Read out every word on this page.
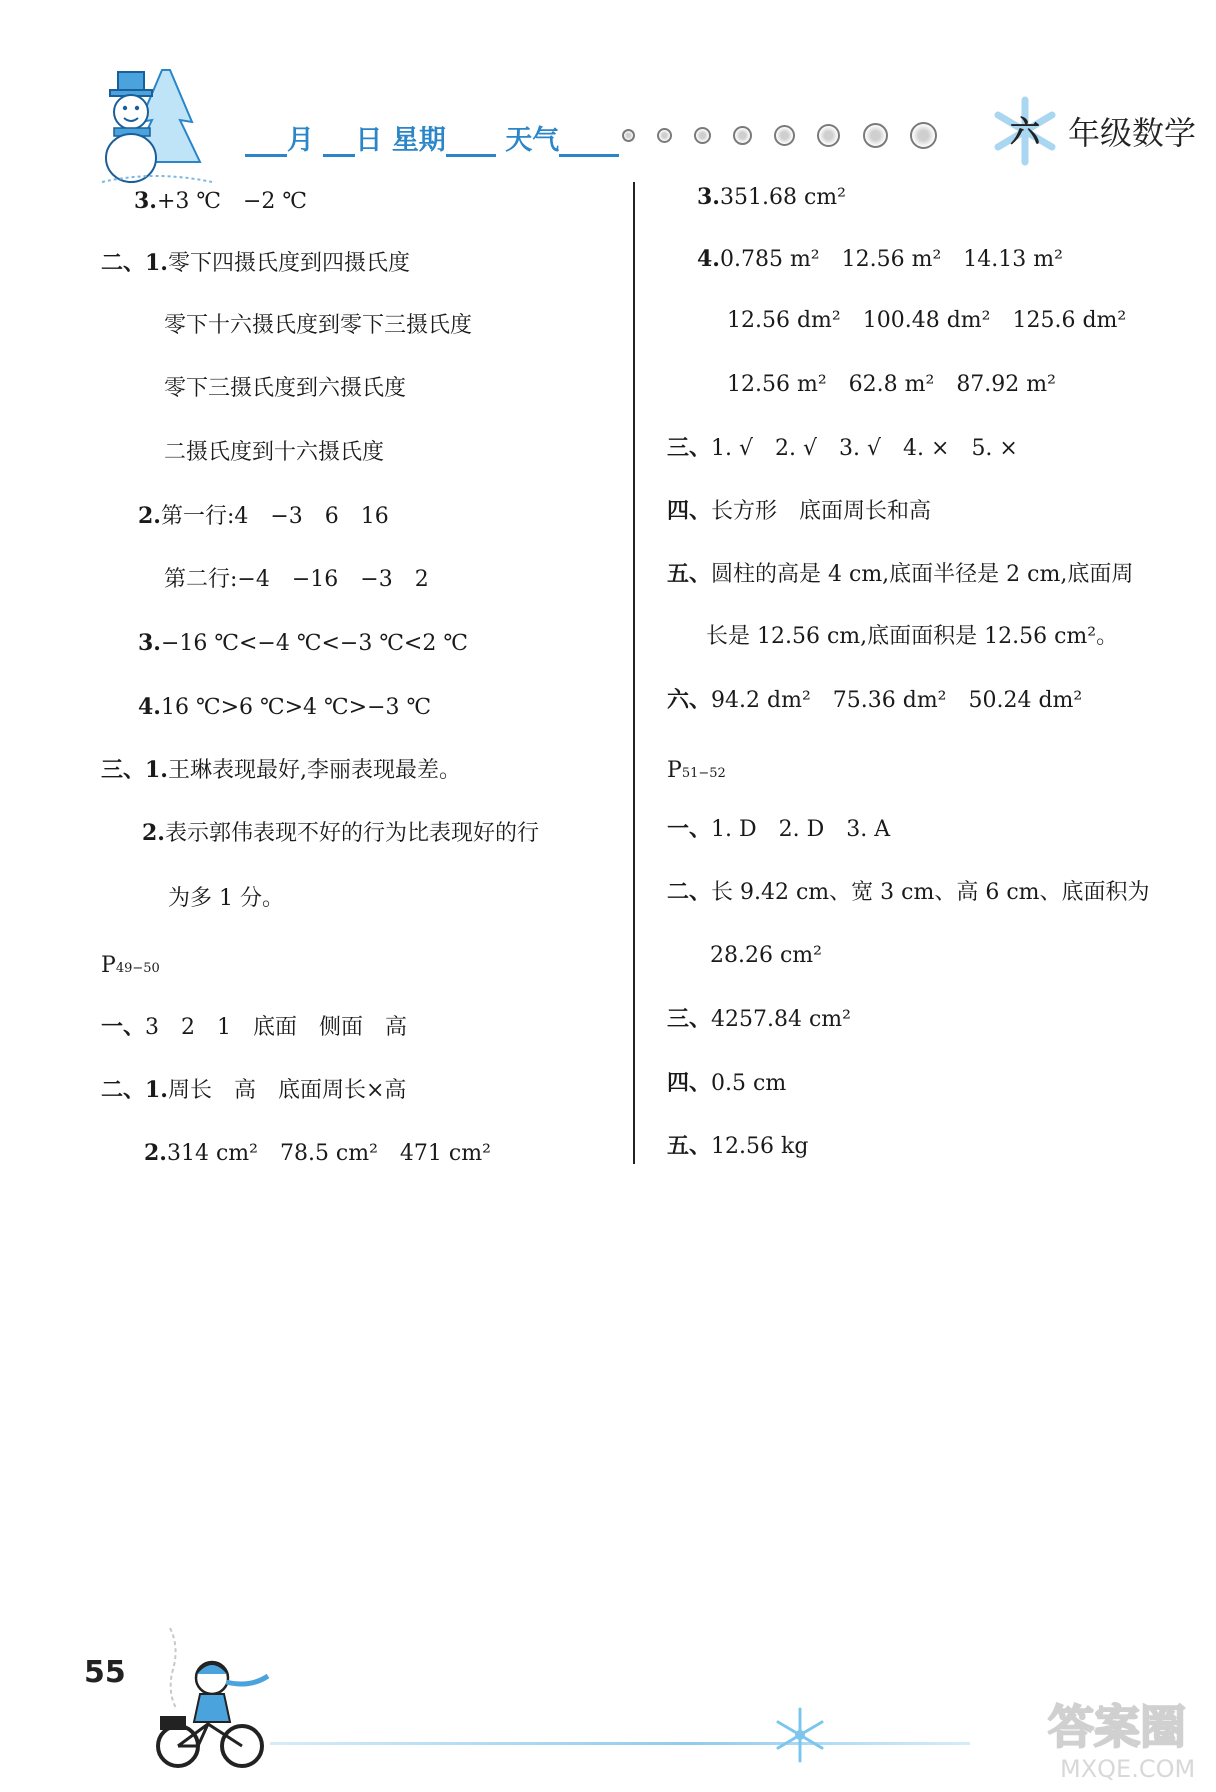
月 日 星期 天气
	六 年级数学
3.+3 ℃　−2 ℃
二、1.零下四摄氏度到四摄氏度
零下十六摄氏度到零下三摄氏度
零下三摄氏度到六摄氏度
二摄氏度到十六摄氏度
2.第一行:4　−3　6　16
第二行:−4　−16　−3　2
3.−16 ℃<−4 ℃<−3 ℃<2 ℃
4.16 ℃>6 ℃>4 ℃>−3 ℃
三、1.王琳表现最好,李丽表现最差。
2.表示郭伟表现不好的行为比表现好的行
为多 1 分。
P49−50
一、3　2　1　底面　侧面　高
二、1.周长　高　底面周长×高
2.314 cm²　78.5 cm²　471 cm²
3.351.68 cm²
4.0.785 m²　12.56 m²　14.13 m²
12.56 dm²　100.48 dm²　125.6 dm²
12.56 m²　62.8 m²　87.92 m²
三、1. √　2. √　3. √　4. ×　5. ×
四、长方形　底面周长和高
五、圆柱的高是 4 cm,底面半径是 2 cm,底面周
长是 12.56 cm,底面面积是 12.56 cm²。
六、94.2 dm²　75.36 dm²　50.24 dm²
P51−52
一、1. D　2. D　3. A
二、长 9.42 cm、宽 3 cm、高 6 cm、底面积为
28.26 cm²
三、4257.84 cm²
四、0.5 cm
五、12.56 kg
55
答案圈
MXQE.COM
